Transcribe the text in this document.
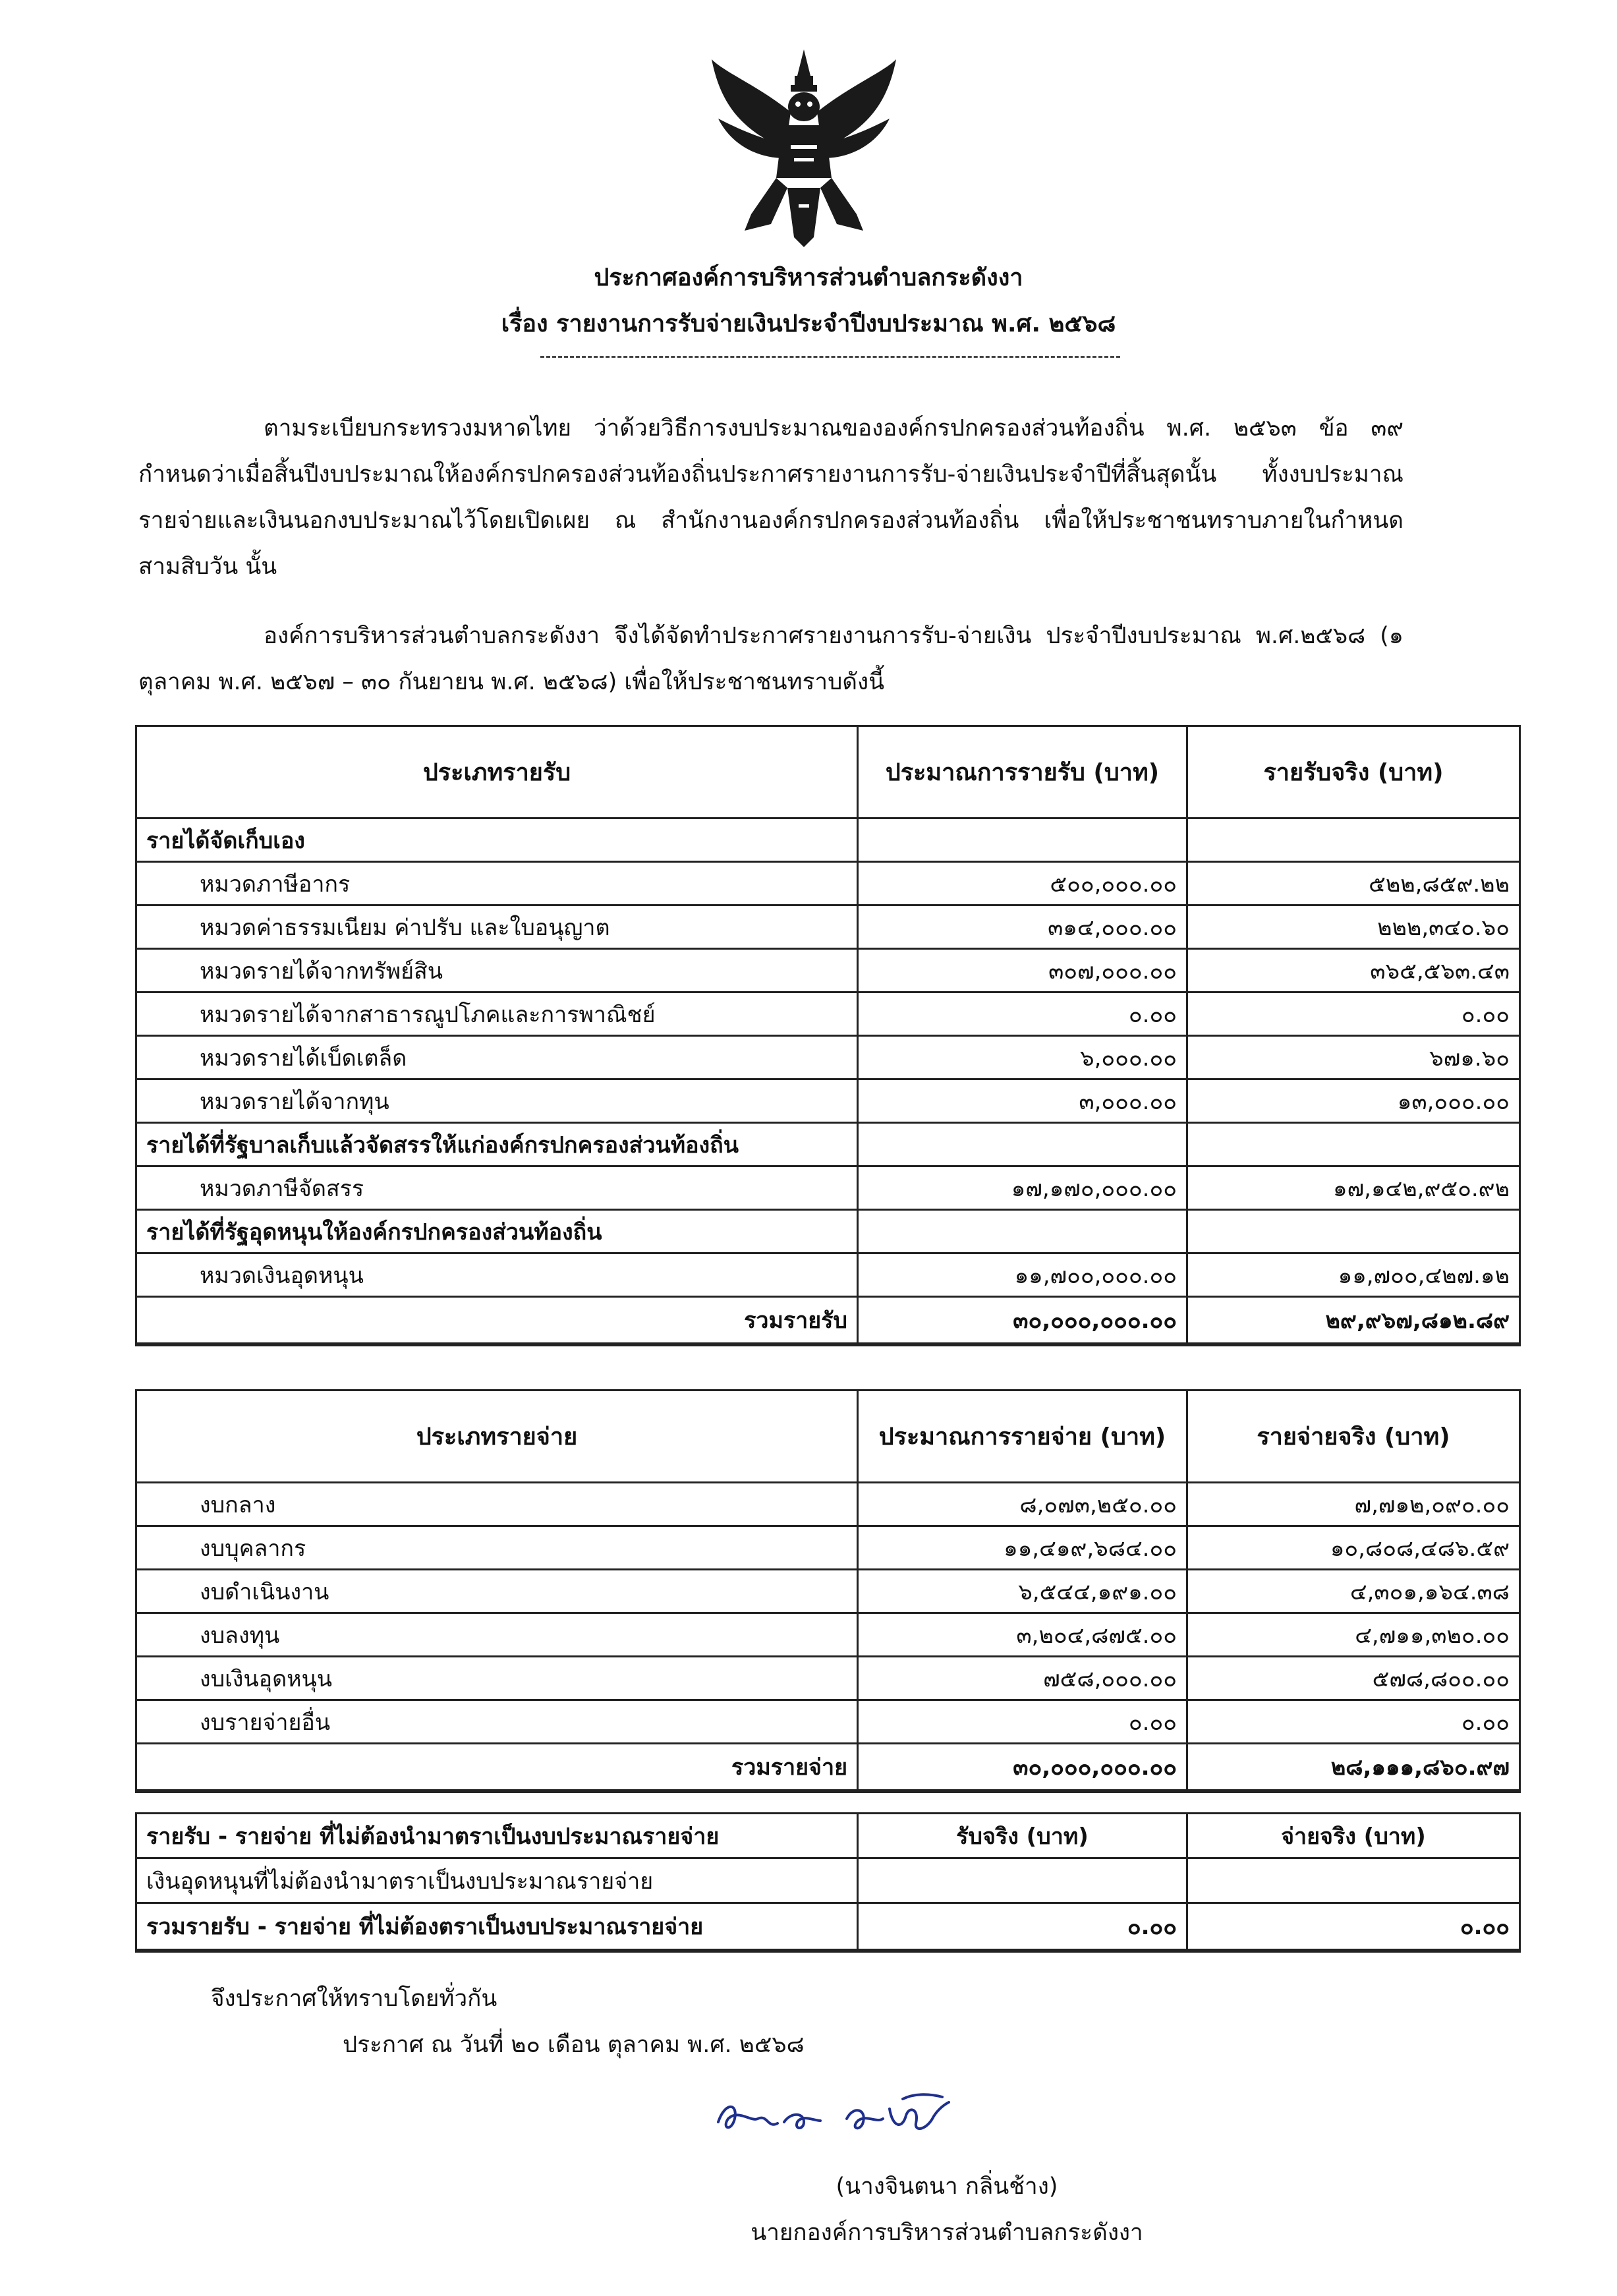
ประกาศองค์การบริหารส่วนตำบลกระดังงา
เรื่อง รายงานการรับจ่ายเงินประจำปีงบประมาณ พ.ศ. ๒๕๖๘
ตามระเบียบกระทรวงมหาดไทย ว่าด้วยวิธีการงบประมาณขององค์กรปกครองส่วนท้องถิ่น พ.ศ. ๒๕๖๓ ข้อ ๓๙ กำหนดว่าเมื่อสิ้นปีงบประมาณให้องค์กรปกครองส่วนท้องถิ่นประกาศรายงานการรับ-จ่ายเงินประจำปีที่สิ้นสุดนั้น ทั้งงบประมาณรายจ่ายและเงินนอกงบประมาณไว้โดยเปิดเผย ณ สำนักงานองค์กรปกครองส่วนท้องถิ่น เพื่อให้ประชาชนทราบภายในกำหนดสามสิบวัน นั้น
องค์การบริหารส่วนตำบลกระดังงา จึงได้จัดทำประกาศรายงานการรับ-จ่ายเงิน ประจำปีงบประมาณ พ.ศ.๒๕๖๘ (๑ ตุลาคม พ.ศ. ๒๕๖๗ – ๓๐ กันยายน พ.ศ. ๒๕๖๘) เพื่อให้ประชาชนทราบดังนี้
ประเภทรายรับ	ประมาณการรายรับ (บาท)	รายรับจริง (บาท)
รายได้จัดเก็บเอง		
หมวดภาษีอากร	๕๐๐,๐๐๐.๐๐	๕๒๒,๘๕๙.๒๒
หมวดค่าธรรมเนียม ค่าปรับ และใบอนุญาต	๓๑๔,๐๐๐.๐๐	๒๒๒,๓๔๐.๖๐
หมวดรายได้จากทรัพย์สิน	๓๐๗,๐๐๐.๐๐	๓๖๕,๕๖๓.๔๓
หมวดรายได้จากสาธารณูปโภคและการพาณิชย์	๐.๐๐	๐.๐๐
หมวดรายได้เบ็ดเตล็ด	๖,๐๐๐.๐๐	๖๗๑.๖๐
หมวดรายได้จากทุน	๓,๐๐๐.๐๐	๑๓,๐๐๐.๐๐
รายได้ที่รัฐบาลเก็บแล้วจัดสรรให้แก่องค์กรปกครองส่วนท้องถิ่น		
หมวดภาษีจัดสรร	๑๗,๑๗๐,๐๐๐.๐๐	๑๗,๑๔๒,๙๕๐.๙๒
รายได้ที่รัฐอุดหนุนให้องค์กรปกครองส่วนท้องถิ่น		
หมวดเงินอุดหนุน	๑๑,๗๐๐,๐๐๐.๐๐	๑๑,๗๐๐,๔๒๗.๑๒
รวมรายรับ	๓๐,๐๐๐,๐๐๐.๐๐	๒๙,๙๖๗,๘๑๒.๘๙
ประเภทรายจ่าย	ประมาณการรายจ่าย (บาท)	รายจ่ายจริง (บาท)
งบกลาง	๘,๐๗๓,๒๕๐.๐๐	๗,๗๑๒,๐๙๐.๐๐
งบบุคลากร	๑๑,๔๑๙,๖๘๔.๐๐	๑๐,๘๐๘,๔๘๖.๕๙
งบดำเนินงาน	๖,๕๔๔,๑๙๑.๐๐	๔,๓๐๑,๑๖๔.๓๘
งบลงทุน	๓,๒๐๔,๘๗๕.๐๐	๔,๗๑๑,๓๒๐.๐๐
งบเงินอุดหนุน	๗๕๘,๐๐๐.๐๐	๕๗๘,๘๐๐.๐๐
งบรายจ่ายอื่น	๐.๐๐	๐.๐๐
รวมรายจ่าย	๓๐,๐๐๐,๐๐๐.๐๐	๒๘,๑๑๑,๘๖๐.๙๗
รายรับ - รายจ่าย ที่ไม่ต้องนำมาตราเป็นงบประมาณรายจ่าย	รับจริง (บาท)	จ่ายจริง (บาท)
เงินอุดหนุนที่ไม่ต้องนำมาตราเป็นงบประมาณรายจ่าย		
รวมรายรับ - รายจ่าย ที่ไม่ต้องตราเป็นงบประมาณรายจ่าย	๐.๐๐	๐.๐๐
จึงประกาศให้ทราบโดยทั่วกัน
ประกาศ ณ วันที่ ๒๐ เดือน ตุลาคม พ.ศ. ๒๕๖๘
(นางจินตนา กลิ่นช้าง)
นายกองค์การบริหารส่วนตำบลกระดังงา
